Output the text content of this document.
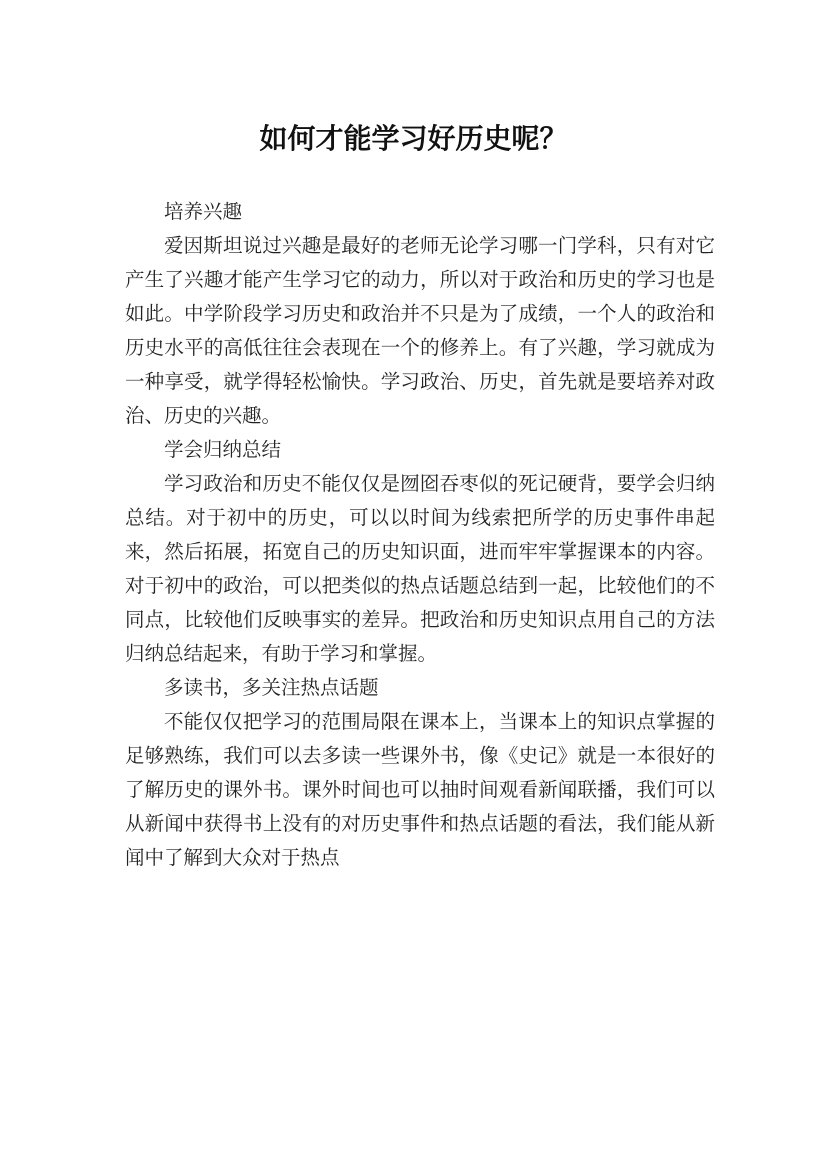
如何才能学习好历史呢？

培养兴趣

爱因斯坦说过兴趣是最好的老师无论学习哪一门学科，只有对它产生了兴趣才能产生学习它的动力，所以对于政治和历史的学习也是如此。中学阶段学习历史和政治并不只是为了成绩，一个人的政治和历史水平的高低往往会表现在一个的修养上。有了兴趣，学习就成为一种享受，就学得轻松愉快。学习政治、历史，首先就是要培养对政治、历史的兴趣。

学会归纳总结

学习政治和历史不能仅仅是囫囵吞枣似的死记硬背，要学会归纳总结。对于初中的历史，可以以时间为线索把所学的历史事件串起来，然后拓展，拓宽自己的历史知识面，进而牢牢掌握课本的内容。对于初中的政治，可以把类似的热点话题总结到一起，比较他们的不同点，比较他们反映事实的差异。把政治和历史知识点用自己的方法归纳总结起来，有助于学习和掌握。

多读书，多关注热点话题

不能仅仅把学习的范围局限在课本上，当课本上的知识点掌握的足够熟练，我们可以去多读一些课外书，像《史记》就是一本很好的了解历史的课外书。课外时间也可以抽时间观看新闻联播，我们可以从新闻中获得书上没有的对历史事件和热点话题的看法，我们能从新闻中了解到大众对于热点
